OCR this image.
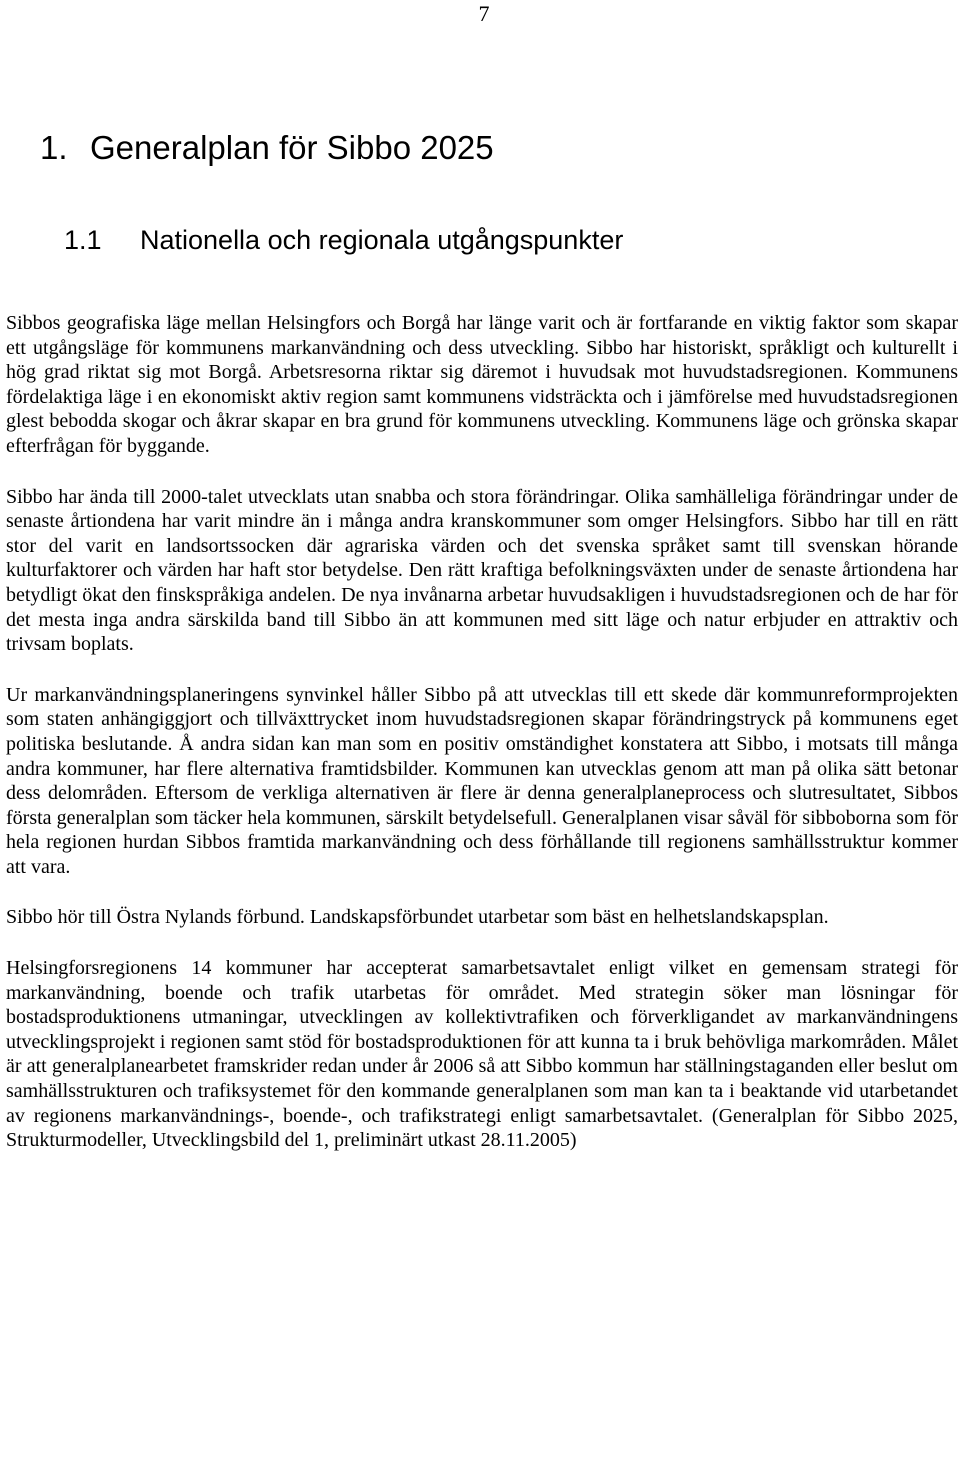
7
1. Generalplan för Sibbo 2025
1.1 Nationella och regionala utgångspunkter

Sibbos geografiska läge mellan Helsingfors och Borgå har länge varit och är fortfarande en viktig faktor som skapar ett utgångsläge för kommunens markanvändning och dess utveckling. Sibbo har historiskt, språkligt och kulturellt i hög grad riktat sig mot Borgå. Arbetsresorna riktar sig däremot i huvudsak mot huvudstadsregionen. Kommunens fördelaktiga läge i en ekonomiskt aktiv region samt kommunens vidsträckta och i jämförelse med huvudstadsregionen glest bebodda skogar och åkrar skapar en bra grund för kommunens utveckling. Kommunens läge och grönska skapar efterfrågan för byggande.

Sibbo har ända till 2000-talet utvecklats utan snabba och stora förändringar. Olika samhälleliga förändringar under de senaste årtiondena har varit mindre än i många andra kranskommuner som omger Helsingfors. Sibbo har till en rätt stor del varit en landsortssocken där agrariska värden och det svenska språket samt till svenskan hörande kulturfaktorer och värden har haft stor betydelse. Den rätt kraftiga befolkningsväxten under de senaste årtiondena har betydligt ökat den finskspråkiga andelen. De nya invånarna arbetar huvudsakligen i huvudstadsregionen och de har för det mesta inga andra särskilda band till Sibbo än att kommunen med sitt läge och natur erbjuder en attraktiv och trivsam boplats.

Ur markanvändningsplaneringens synvinkel håller Sibbo på att utvecklas till ett skede där kommunreformprojekten som staten anhängiggjort och tillväxttrycket inom huvudstadsregionen skapar förändringstryck på kommunens eget politiska beslutande. Å andra sidan kan man som en positiv omständighet konstatera att Sibbo, i motsats till många andra kommuner, har flere alternativa framtidsbilder. Kommunen kan utvecklas genom att man på olika sätt betonar dess delområden. Eftersom de verkliga alternativen är flere är denna generalplaneprocess och slutresultatet, Sibbos första generalplan som täcker hela kommunen, särskilt betydelsefull. Generalplanen visar såväl för sibboborna som för hela regionen hurdan Sibbos framtida markanvändning och dess förhållande till regionens samhällsstruktur kommer att vara.

Sibbo hör till Östra Nylands förbund. Landskapsförbundet utarbetar som bäst en helhetslandskapsplan.

Helsingforsregionens 14 kommuner har accepterat samarbetsavtalet enligt vilket en gemensam strategi för markanvändning, boende och trafik utarbetas för området. Med strategin söker man lösningar för bostadsproduktionens utmaningar, utvecklingen av kollektivtrafiken och förverkligandet av markanvändningens utvecklingsprojekt i regionen samt stöd för bostadsproduktionen för att kunna ta i bruk behövliga markområden. Målet är att generalplanearbetet framskrider redan under år 2006 så att Sibbo kommun har ställningstaganden eller beslut om samhällsstrukturen och trafiksystemet för den kommande generalplanen som man kan ta i beaktande vid utarbetandet av regionens markanvändnings-, boende-, och trafikstrategi enligt samarbetsavtalet. (Generalplan för Sibbo 2025, Strukturmodeller, Utvecklingsbild del 1, preliminärt utkast 28.11.2005)
